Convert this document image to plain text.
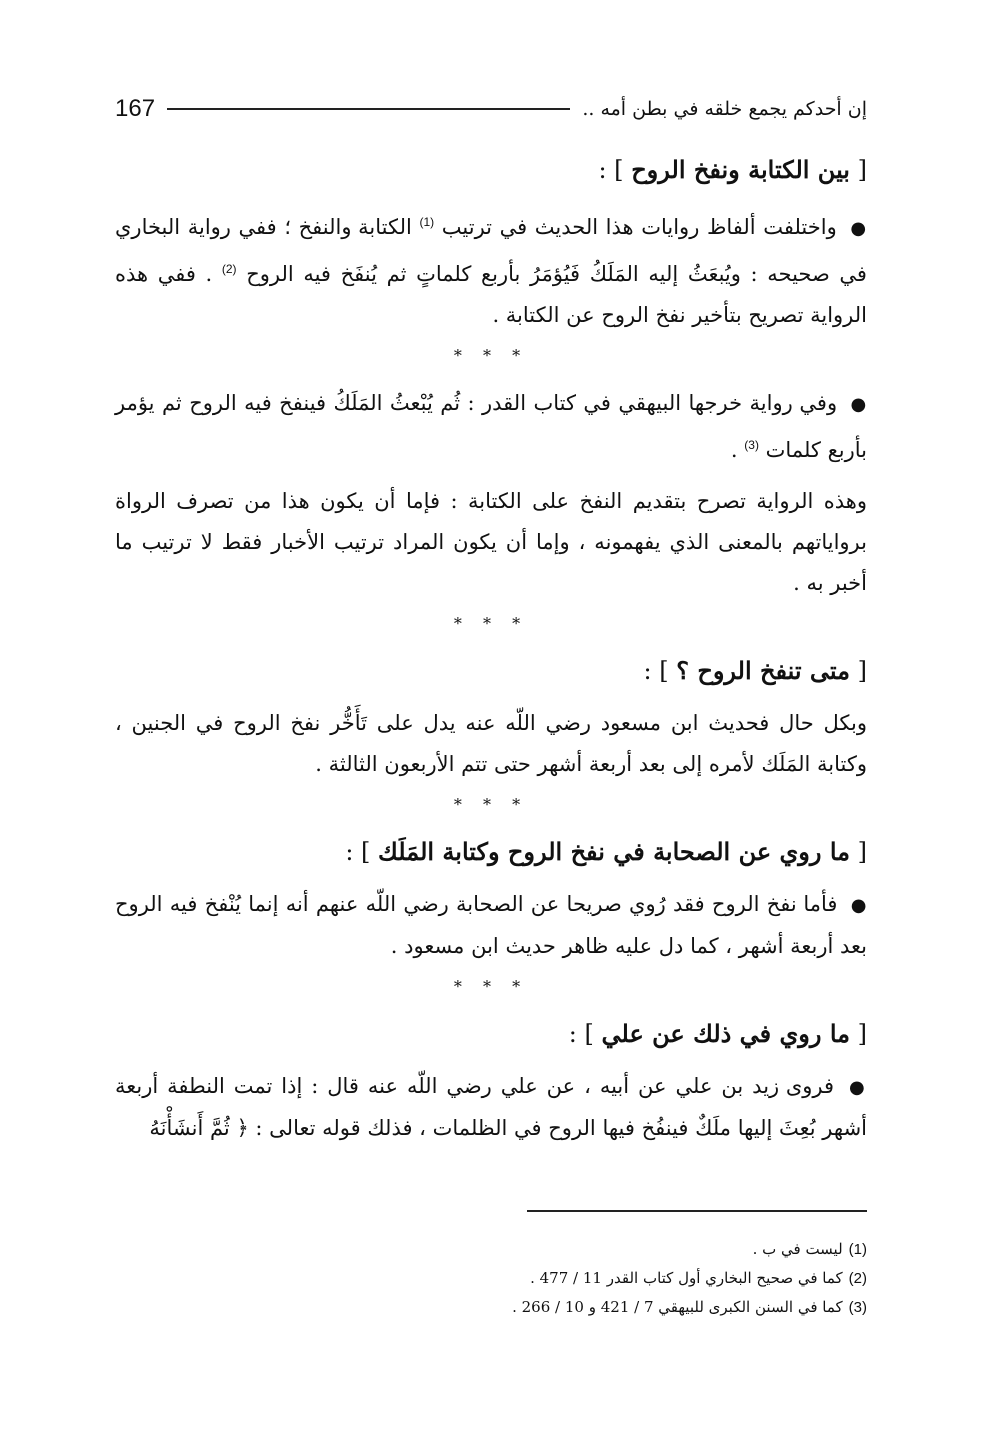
167	إن أحدكم يجمع خلقه في بطن أمه ..
[ بين الكتابة ونفخ الروح ] :

● واختلفت ألفاظ روايات هذا الحديث في ترتيب $^{(1)}$ الكتابة والنفخ ؛ ففي رواية البخاري في صحيحه : ويُبعَثُ إليه المَلَكُ فَيُؤمَرُ بأربع كلماتٍ ثم يُنفَخ فيه الروح $^{(2)}$ . ففي هذه الرواية تصريح بتأخير نفخ الروح عن الكتابة .

* * *

● وفي رواية خرجها البيهقي في كتاب القدر : ثُم يُبْعثُ المَلَكُ فينفخ فيه الروح ثم يؤمر بأربع كلمات $^{(3)}$ .

وهذه الرواية تصرح بتقديم النفخ على الكتابة : فإما أن يكون هذا من تصرف الرواة برواياتهم بالمعنى الذي يفهمونه ، وإما أن يكون المراد ترتيب الأخبار فقط لا ترتيب ما أخبر به .

* * *
[ متى تنفخ الروح ؟ ] :

وبكل حال فحديث ابن مسعود رضي اللّه عنه يدل على تَأَخُّر نفخ الروح في الجنين ، وكتابة المَلَك لأمره إلى بعد أربعة أشهر حتى تتم الأربعون الثالثة .

* * *
[ ما روي عن الصحابة في نفخ الروح وكتابة المَلَك ] :

● فأما نفخ الروح فقد رُوي صريحا عن الصحابة رضي اللّه عنهم أنه إنما يُنْفخ فيه الروح بعد أربعة أشهر ، كما دل عليه ظاهر حديث ابن مسعود .

* * *
[ ما روي في ذلك عن علي ] :

● فروى زيد بن علي عن أبيه ، عن علي رضي اللّه عنه قال : إذا تمت النطفة أربعة أشهر بُعِثَ إليها ملَكٌ فينفُخ فيها الروح في الظلمات ، فذلك قوله تعالى : ﴿ ثُمَّ أَنشَأْنَهُ

(1)ليست في ب .
(2)كما في صحيح البخاري أول كتاب القدر 11 / 477 .
(3)كما في السنن الكبرى للبيهقي 7 / 421 و 10 / 266 .
